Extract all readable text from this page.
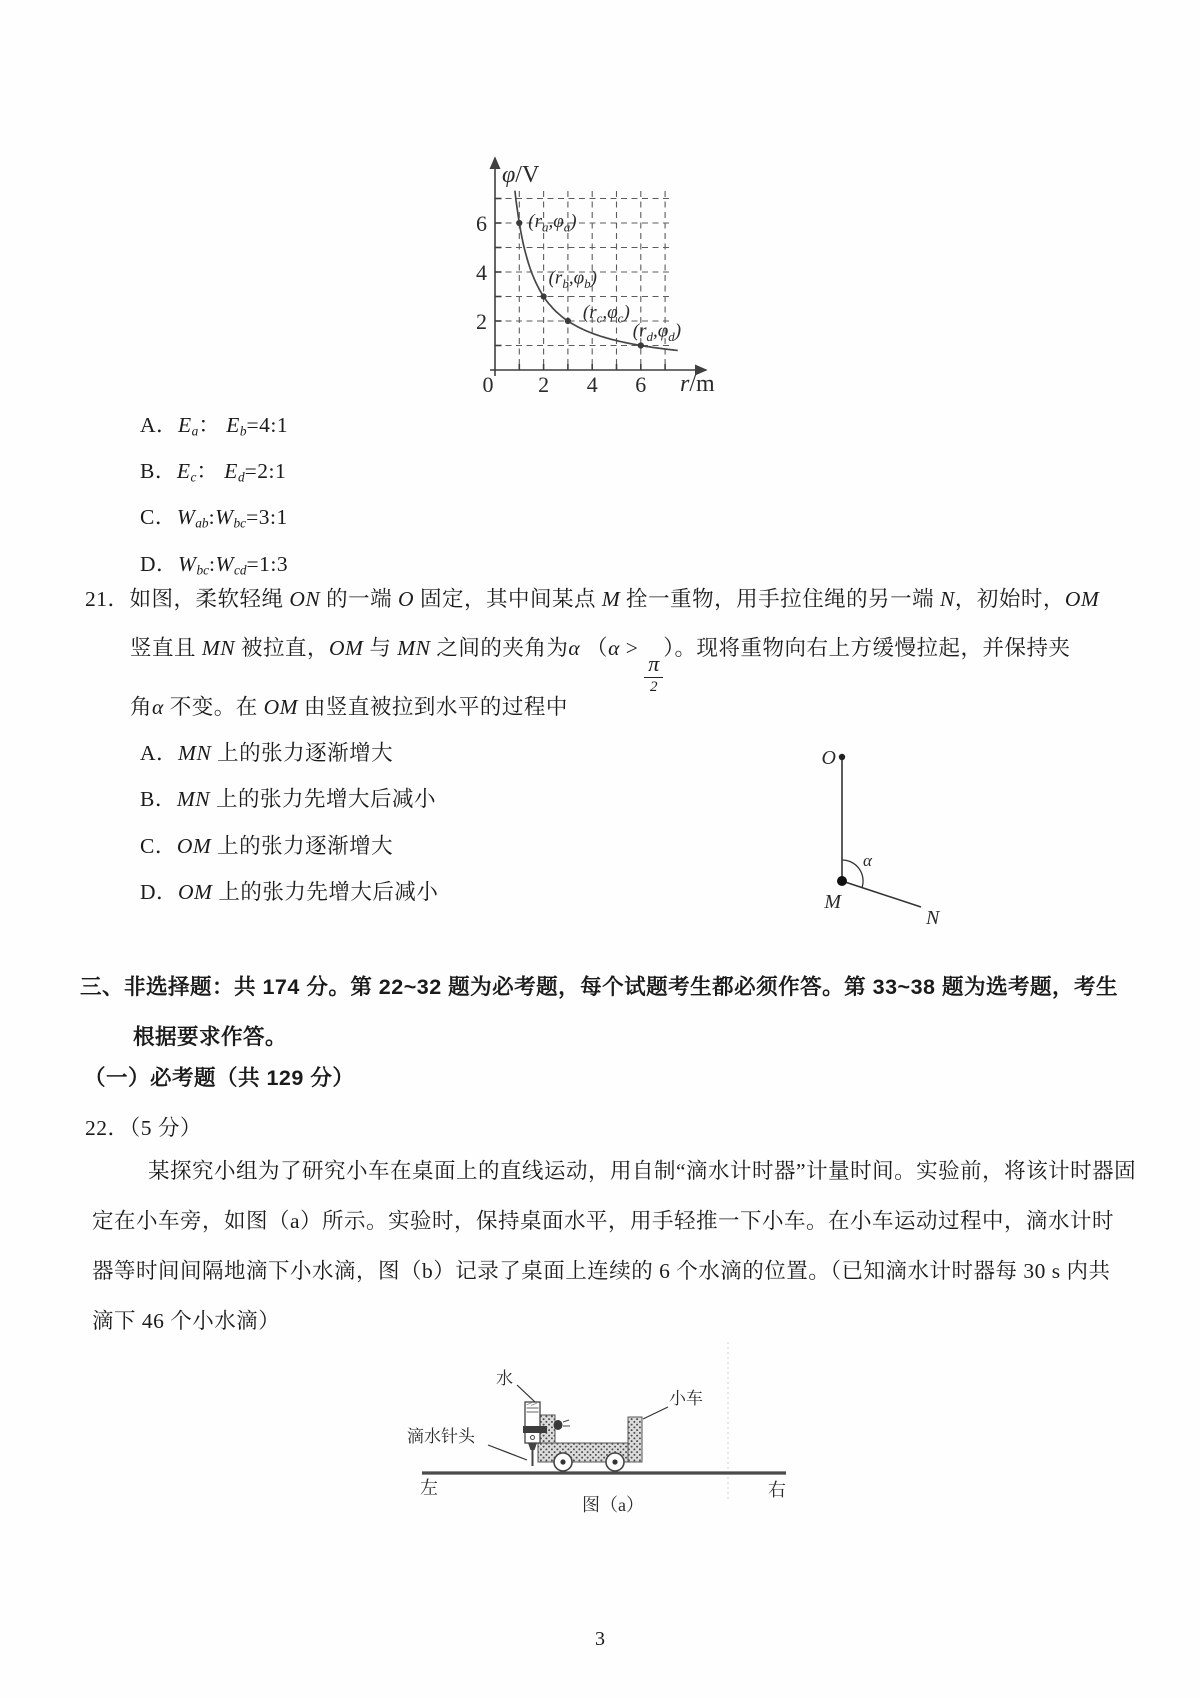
2
4
6
0 2 4 6
$(r_a,\varphi_a)$
$(r_b,\varphi_b)$
$(r_c,\varphi_c)$
$(r_d,\varphi_d)$
φ/V
r/m
A．$E_a$： $E_b=4:1$
B．$E_c$： $E_d=2:1$
C．$W_{ab}:W_{bc}=3:1$
D．$W_{bc}:W_{cd}=1:3$
21．如图，柔软轻绳 ON 的一端 O 固定，其中间某点 M 拴一重物，用手拉住绳的另一端 N，初始时，OM
竖直且 MN 被拉直，OM 与 MN 之间的夹角为α （α >
$\frac{\pi}{2}$
）。现将重物向右上方缓慢拉起，并保持夹
角α 不变。在 OM 由竖直被拉到水平的过程中
A．MN 上的张力逐渐增大
B．MN 上的张力先增大后减小
C．OM 上的张力逐渐增大
D．OM 上的张力先增大后减小
O
M
N
α
三、非选择题：共 174 分。第 22~32 题为必考题，每个试题考生都必须作答。第 33~38 题为选考题，考生
根据要求作答。
（一）必考题（共 129 分）
22．（5 分）
某探究小组为了研究小车在桌面上的直线运动，用自制“滴水计时器”计量时间。实验前，将该计时器固
定在小车旁，如图（a）所示。实验时，保持桌面水平，用手轻推一下小车。在小车运动过程中，滴水计时
器等时间间隔地滴下小水滴，图（b）记录了桌面上连续的 6 个水滴的位置。（已知滴水计时器每 30 s 内共
滴下 46 个小水滴）
水
滴水针头
小车
左	右
图（a）
3
